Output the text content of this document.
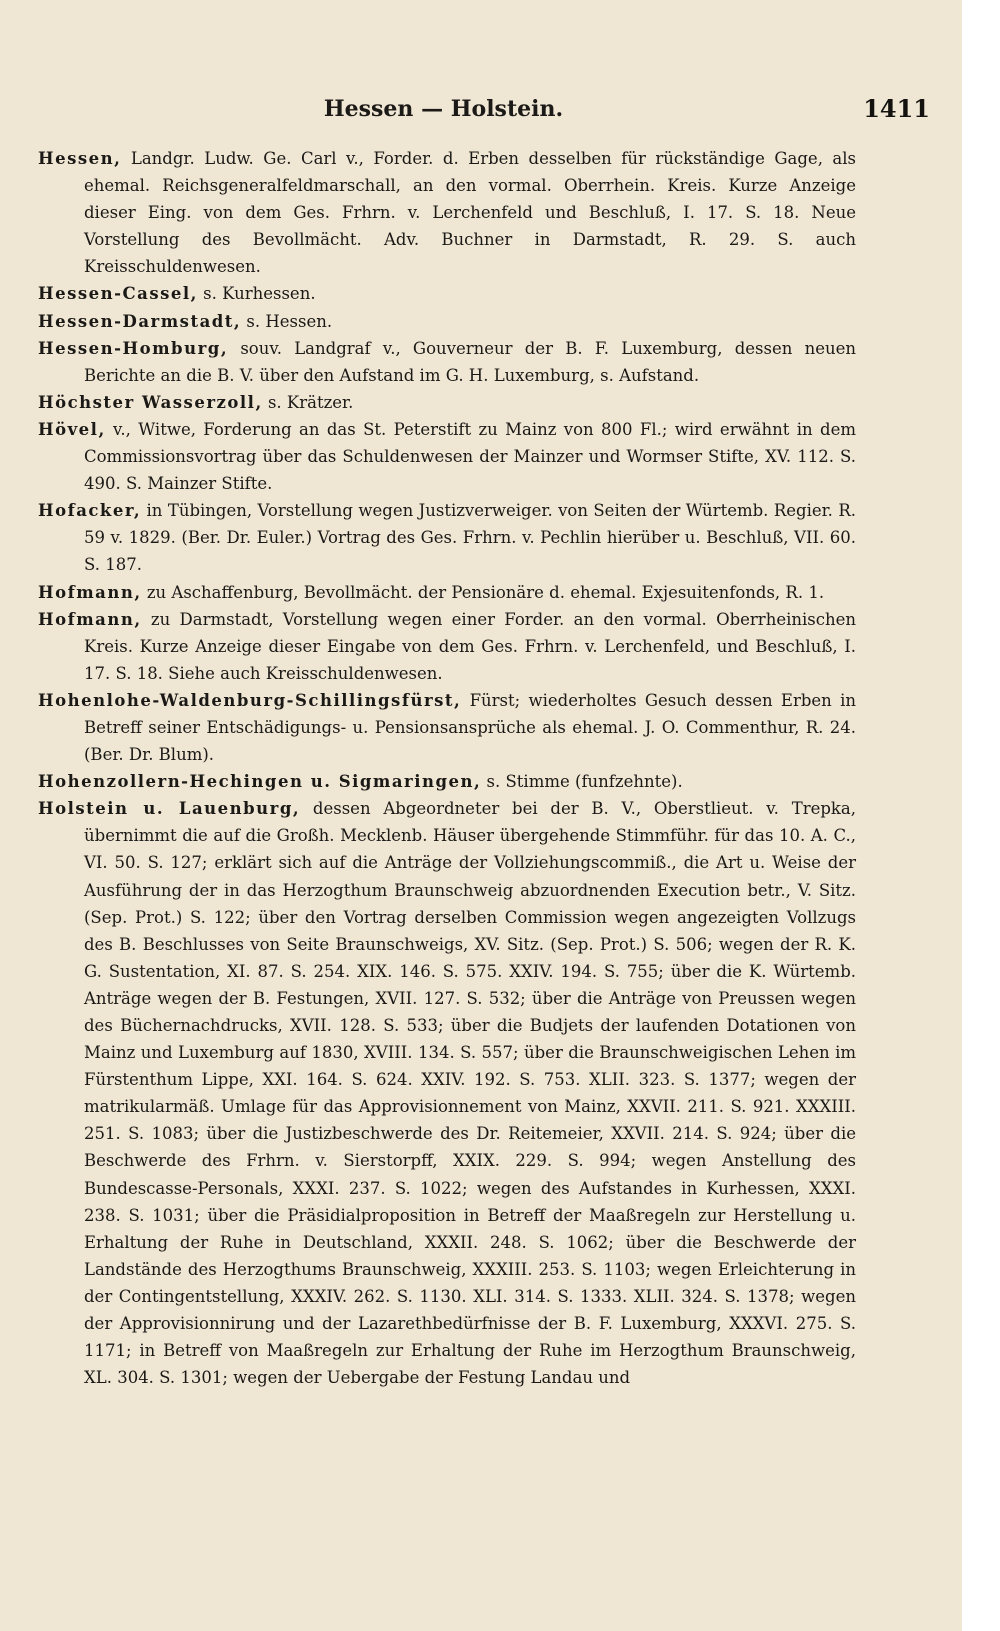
Hessen — Holstein.	1411

Hessen, Landgr. Ludw. Ge. Carl v., Forder. d. Erben desselben für rückständige Gage, als ehemal. Reichsgeneralfeldmarschall, an den vormal. Oberrhein. Kreis. Kurze Anzeige dieser Eing. von dem Ges. Frhrn. v. Lerchenfeld und Beschluß, I. 17. S. 18. Neue Vorstellung des Bevollmächt. Adv. Buchner in Darmstadt, R. 29. S. auch Kreisschuldenwesen.

Hessen-Cassel, s. Kurhessen.

Hessen-Darmstadt, s. Hessen.

Hessen-Homburg, souv. Landgraf v., Gouverneur der B. F. Luxemburg, dessen neuen Berichte an die B. V. über den Aufstand im G. H. Luxemburg, s. Aufstand.

Höchster Wasserzoll, s. Krätzer.

Hövel, v., Witwe, Forderung an das St. Peterstift zu Mainz von 800 Fl.; wird erwähnt in dem Commissionsvortrag über das Schuldenwesen der Mainzer und Wormser Stifte, XV. 112. S. 490. S. Mainzer Stifte.

Hofacker, in Tübingen, Vorstellung wegen Justizverweiger. von Seiten der Würtemb. Regier. R. 59 v. 1829. (Ber. Dr. Euler.) Vortrag des Ges. Frhrn. v. Pechlin hierüber u. Beschluß, VII. 60. S. 187.

Hofmann, zu Aschaffenburg, Bevollmächt. der Pensionäre d. ehemal. Exjesuitenfonds, R. 1.

Hofmann, zu Darmstadt, Vorstellung wegen einer Forder. an den vormal. Oberrheinischen Kreis. Kurze Anzeige dieser Eingabe von dem Ges. Frhrn. v. Lerchenfeld, und Beschluß, I. 17. S. 18. Siehe auch Kreisschuldenwesen.

Hohenlohe-Waldenburg-Schillingsfürst, Fürst; wiederholtes Gesuch dessen Erben in Betreff seiner Entschädigungs- u. Pensionsansprüche als ehemal. J. O. Commenthur, R. 24. (Ber. Dr. Blum).

Hohenzollern-Hechingen u. Sigmaringen, s. Stimme (funfzehnte).

Holstein u. Lauenburg, dessen Abgeordneter bei der B. V., Oberstlieut. v. Trepka, übernimmt die auf die Großh. Mecklenb. Häuser übergehende Stimmführ. für das 10. A. C., VI. 50. S. 127; erklärt sich auf die Anträge der Vollziehungscommiß., die Art u. Weise der Ausführung der in das Herzogthum Braunschweig abzuordnenden Execution betr., V. Sitz. (Sep. Prot.) S. 122; über den Vortrag derselben Commission wegen angezeigten Vollzugs des B. Beschlusses von Seite Braunschweigs, XV. Sitz. (Sep. Prot.) S. 506; wegen der R. K. G. Sustentation, XI. 87. S. 254. XIX. 146. S. 575. XXIV. 194. S. 755; über die K. Würtemb. Anträge wegen der B. Festungen, XVII. 127. S. 532; über die Anträge von Preussen wegen des Büchernachdrucks, XVII. 128. S. 533; über die Budjets der laufenden Dotationen von Mainz und Luxemburg auf 1830, XVIII. 134. S. 557; über die Braunschweigischen Lehen im Fürstenthum Lippe, XXI. 164. S. 624. XXIV. 192. S. 753. XLII. 323. S. 1377; wegen der matrikularmäß. Umlage für das Approvisionnement von Mainz, XXVII. 211. S. 921. XXXIII. 251. S. 1083; über die Justizbeschwerde des Dr. Reitemeier, XXVII. 214. S. 924; über die Beschwerde des Frhrn. v. Sierstorpff, XXIX. 229. S. 994; wegen Anstellung des Bundescasse-Personals, XXXI. 237. S. 1022; wegen des Aufstandes in Kurhessen, XXXI. 238. S. 1031; über die Präsidialproposition in Betreff der Maaßregeln zur Herstellung u. Erhaltung der Ruhe in Deutschland, XXXII. 248. S. 1062; über die Beschwerde der Landstände des Herzogthums Braunschweig, XXXIII. 253. S. 1103; wegen Erleichterung in der Contingentstellung, XXXIV. 262. S. 1130. XLI. 314. S. 1333. XLII. 324. S. 1378; wegen der Approvisionnirung und der Lazarethbedürfnisse der B. F. Luxemburg, XXXVI. 275. S. 1171; in Betreff von Maaßregeln zur Erhaltung der Ruhe im Herzogthum Braunschweig, XL. 304. S. 1301; wegen der Uebergabe der Festung Landau und
